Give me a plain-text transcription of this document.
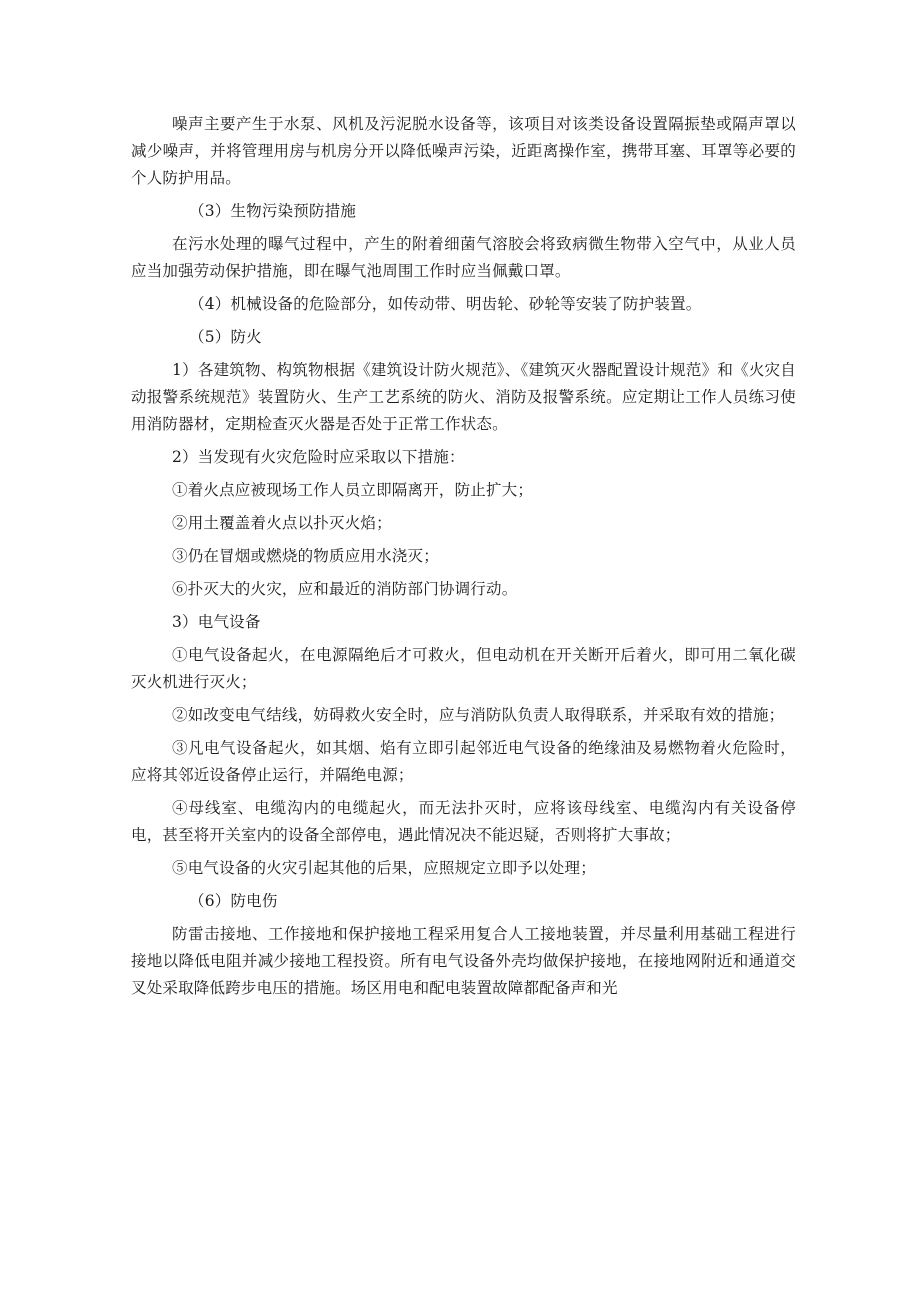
噪声主要产生于水泵、风机及污泥脱水设备等，该项目对该类设备设置隔振垫或隔声罩以减少噪声，并将管理用房与机房分开以降低噪声污染，近距离操作室，携带耳塞、耳罩等必要的个人防护用品。

（3）生物污染预防措施

在污水处理的曝气过程中，产生的附着细菌气溶胶会将致病微生物带入空气中，从业人员应当加强劳动保护措施，即在曝气池周围工作时应当佩戴口罩。

（4）机械设备的危险部分，如传动带、明齿轮、砂轮等安装了防护装置。

（5）防火

1）各建筑物、构筑物根据《建筑设计防火规范》、《建筑灭火器配置设计规范》和《火灾自动报警系统规范》装置防火、生产工艺系统的防火、消防及报警系统。应定期让工作人员练习使用消防器材，定期检查灭火器是否处于正常工作状态。

2）当发现有火灾危险时应采取以下措施：

①着火点应被现场工作人员立即隔离开，防止扩大；

②用土覆盖着火点以扑灭火焰；

③仍在冒烟或燃烧的物质应用水浇灭；

⑥扑灭大的火灾，应和最近的消防部门协调行动。

3）电气设备

①电气设备起火，在电源隔绝后才可救火，但电动机在开关断开后着火，即可用二氧化碳灭火机进行灭火；

②如改变电气结线，妨碍救火安全时，应与消防队负责人取得联系，并采取有效的措施；

③凡电气设备起火，如其烟、焰有立即引起邻近电气设备的绝缘油及易燃物着火危险时，应将其邻近设备停止运行，并隔绝电源；

④母线室、电缆沟内的电缆起火，而无法扑灭时，应将该母线室、电缆沟内有关设备停电，甚至将开关室内的设备全部停电，遇此情况决不能迟疑，否则将扩大事故；

⑤电气设备的火灾引起其他的后果，应照规定立即予以处理；

（6）防电伤

防雷击接地、工作接地和保护接地工程采用复合人工接地装置，并尽量利用基础工程进行接地以降低电阻并减少接地工程投资。所有电气设备外壳均做保护接地，在接地网附近和通道交叉处采取降低跨步电压的措施。场区用电和配电装置故障都配备声和光
